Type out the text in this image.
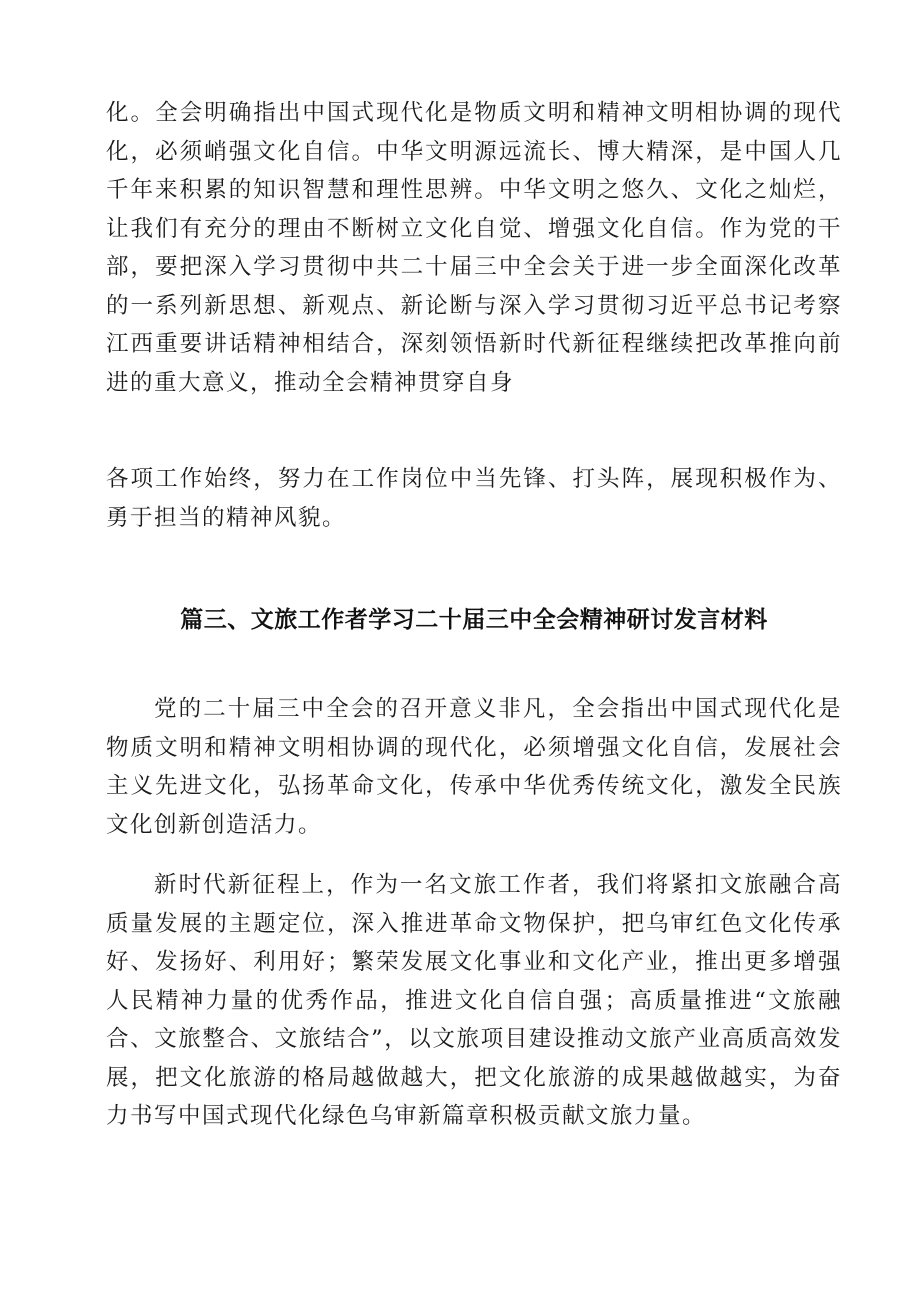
化。全会明确指出中国式现代化是物质文明和精神文明相协调的现代化，必须峭强文化自信。中华文明源远流长、博大精深，是中国人几千年来积累的知识智慧和理性思辨。中华文明之悠久、文化之灿烂，让我们有充分的理由不断树立文化自觉、增强文化自信。作为党的干部，要把深入学习贯彻中共二十届三中全会关于进一步全面深化改革的一系列新思想、新观点、新论断与深入学习贯彻习近平总书记考察江西重要讲话精神相结合，深刻领悟新时代新征程继续把改革推向前进的重大意义，推动全会精神贯穿自身

各项工作始终，努力在工作岗位中当先锋、打头阵，展现积极作为、勇于担当的精神风貌。

篇三、文旅工作者学习二十届三中全会精神研讨发言材料

党的二十届三中全会的召开意义非凡，全会指出中国式现代化是物质文明和精神文明相协调的现代化，必须增强文化自信，发展社会主义先进文化，弘扬革命文化，传承中华优秀传统文化，激发全民族文化创新创造活力。

新时代新征程上，作为一名文旅工作者，我们将紧扣文旅融合高质量发展的主题定位，深入推进革命文物保护，把乌审红色文化传承好、发扬好、利用好；繁荣发展文化事业和文化产业，推出更多增强人民精神力量的优秀作品，推进文化自信自强；高质量推进“文旅融合、文旅整合、文旅结合”，以文旅项目建设推动文旅产业高质高效发展，把文化旅游的格局越做越大，把文化旅游的成果越做越实，为奋力书写中国式现代化绿色乌审新篇章积极贡献文旅力量。
